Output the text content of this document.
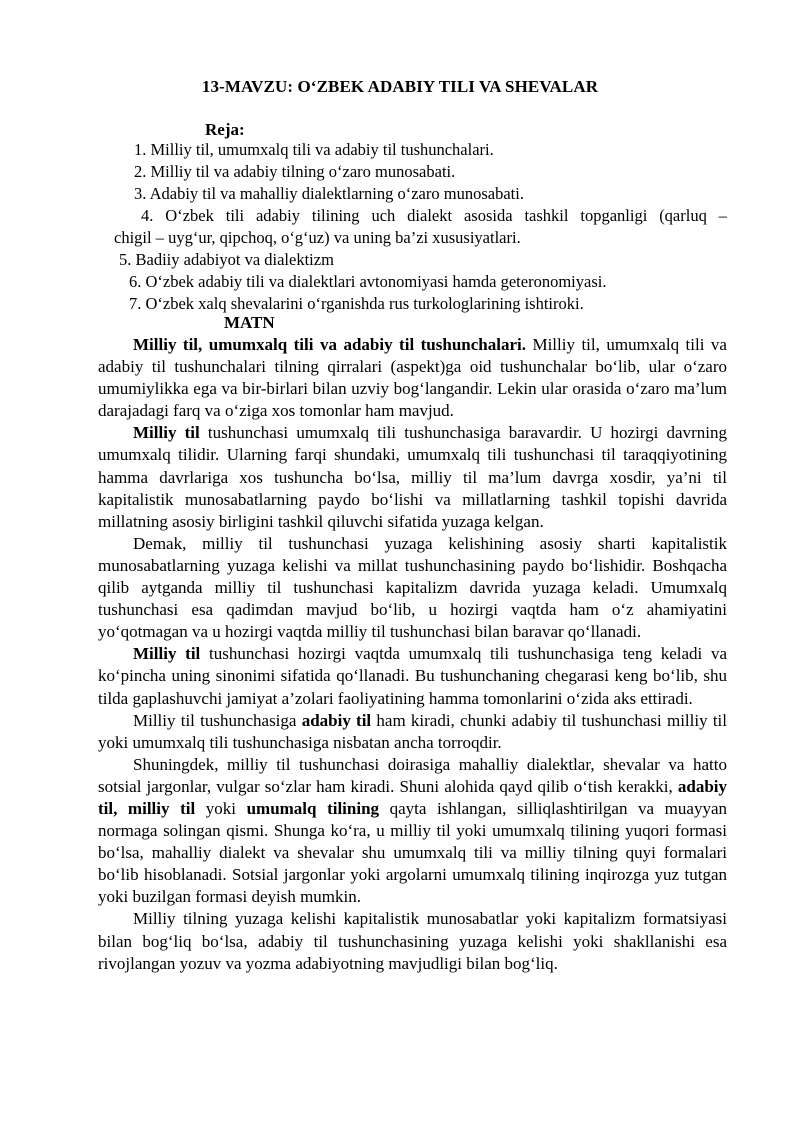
13-MAVZU: O‘ZBEK ADABIY TILI VA SHEVALAR
Reja:
1. Milliy til, umumxalq tili va adabiy til tushunchalari.
2. Milliy til va adabiy tilning o‘zaro munosabati.
3. Adabiy til va mahalliy dialektlarning o‘zaro munosabati.
4. O‘zbek tili adabiy tilining uch dialekt asosida tashkil topganligi (qarluq –
chigil – uyg‘ur, qipchoq, o‘g‘uz) va uning ba’zi xususiyatlari.
5. Badiiy adabiyot va dialektizm
6. O‘zbek adabiy tili va dialektlari avtonomiyasi hamda geteronomiyasi.
7. O‘zbek xalq shevalarini o‘rganishda rus turkologlarining ishtiroki.
MATN

Milliy til, umumxalq tili va adabiy til tushunchalari. Milliy til, umumxalq tili va adabiy til tushunchalari tilning qirralari (aspekt)ga oid tushunchalar bo‘lib, ular o‘zaro umumiylikka ega va bir-birlari bilan uzviy bog‘langandir. Lekin ular orasida o‘zaro ma’lum darajadagi farq va o‘ziga xos tomonlar ham mavjud.

Milliy til tushunchasi umumxalq tili tushunchasiga baravardir. U hozirgi davrning umumxalq tilidir. Ularning farqi shundaki, umumxalq tili tushunchasi til taraqqiyotining hamma davrlariga xos tushuncha bo‘lsa, milliy til ma’lum davrga xosdir, ya’ni til kapitalistik munosabatlarning paydo bo‘lishi va millatlarning tashkil topishi davrida millatning asosiy birligini tashkil qiluvchi sifatida yuzaga kelgan.

Demak, milliy til tushunchasi yuzaga kelishining asosiy sharti kapitalistik munosabatlarning yuzaga kelishi va millat tushunchasining paydo bo‘lishidir. Boshqacha qilib aytganda milliy til tushunchasi kapitalizm davrida yuzaga keladi. Umumxalq tushunchasi esa qadimdan mavjud bo‘lib, u hozirgi vaqtda ham o‘z ahamiyatini yo‘qotmagan va u hozirgi vaqtda milliy til tushunchasi bilan baravar qo‘llanadi.

Milliy til tushunchasi hozirgi vaqtda umumxalq tili tushunchasiga teng keladi va ko‘pincha uning sinonimi sifatida qo‘llanadi. Bu tushunchaning chegarasi keng bo‘lib, shu tilda gaplashuvchi jamiyat a’zolari faoliyatining hamma tomonlarini o‘zida aks ettiradi.

Milliy til tushunchasiga adabiy til ham kiradi, chunki adabiy til tushunchasi milliy til yoki umumxalq tili tushunchasiga nisbatan ancha torroqdir.

Shuningdek, milliy til tushunchasi doirasiga mahalliy dialektlar, shevalar va hatto sotsial jargonlar, vulgar so‘zlar ham kiradi. Shuni alohida qayd qilib o‘tish kerakki, adabiy til, milliy til yoki umumalq tilining qayta ishlangan, silliqlashtirilgan va muayyan normaga solingan qismi. Shunga ko‘ra, u milliy til yoki umumxalq tilining yuqori formasi bo‘lsa, mahalliy dialekt va shevalar shu umumxalq tili va milliy tilning quyi formalari bo‘lib hisoblanadi. Sotsial jargonlar yoki argolarni umumxalq tilining inqirozga yuz tutgan yoki buzilgan formasi deyish mumkin.

Milliy tilning yuzaga kelishi kapitalistik munosabatlar yoki kapitalizm formatsiyasi bilan bog‘liq bo‘lsa, adabiy til tushunchasining yuzaga kelishi yoki shakllanishi esa rivojlangan yozuv va yozma adabiyotning mavjudligi bilan bog‘liq.
